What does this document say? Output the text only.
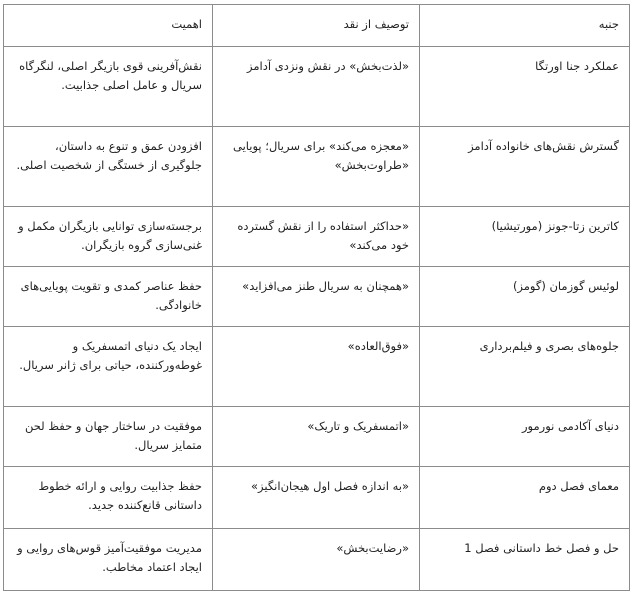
جنبه	توصیف از نقد	اهمیت
عملکرد جنا اورتگا	«لذت‌بخش» در نقش ونزدی آدامز	نقش‌آفرینی قوی بازیگر اصلی، لنگرگاه سریال و عامل اصلی جذابیت.
گسترش نقش‌های خانواده آدامز	«معجزه می‌کند» برای سریال؛ پویایی «طراوت‌بخش»	افزودن عمق و تنوع به داستان، جلوگیری از خستگی از شخصیت اصلی.
کاترین زتا-جونز (مورتیشیا)	«حداکثر استفاده را از نقش گسترده خود می‌کند»	برجسته‌سازی توانایی بازیگران مکمل و غنی‌سازی گروه بازیگران.
لوئیس گوزمان (گومز)	«همچنان به سریال طنز می‌افزاید»	حفظ عناصر کمدی و تقویت پویایی‌های خانوادگی.
جلوه‌های بصری و فیلم‌برداری	«فوق‌العاده»	ایجاد یک دنیای اتمسفریک و غوطه‌ورکننده، حیاتی برای ژانر سریال.
دنیای آکادمی نورمور	«اتمسفریک و تاریک»	موفقیت در ساختار جهان و حفظ لحن متمایز سریال.
معمای فصل دوم	«به اندازه فصل اول هیجان‌انگیز»	حفظ جذابیت روایی و ارائه خطوط داستانی قانع‌کننده جدید.
حل و فصل خط داستانی فصل 1	«رضایت‌بخش»	مدیریت موفقیت‌آمیز قوس‌های روایی و ایجاد اعتماد مخاطب.
